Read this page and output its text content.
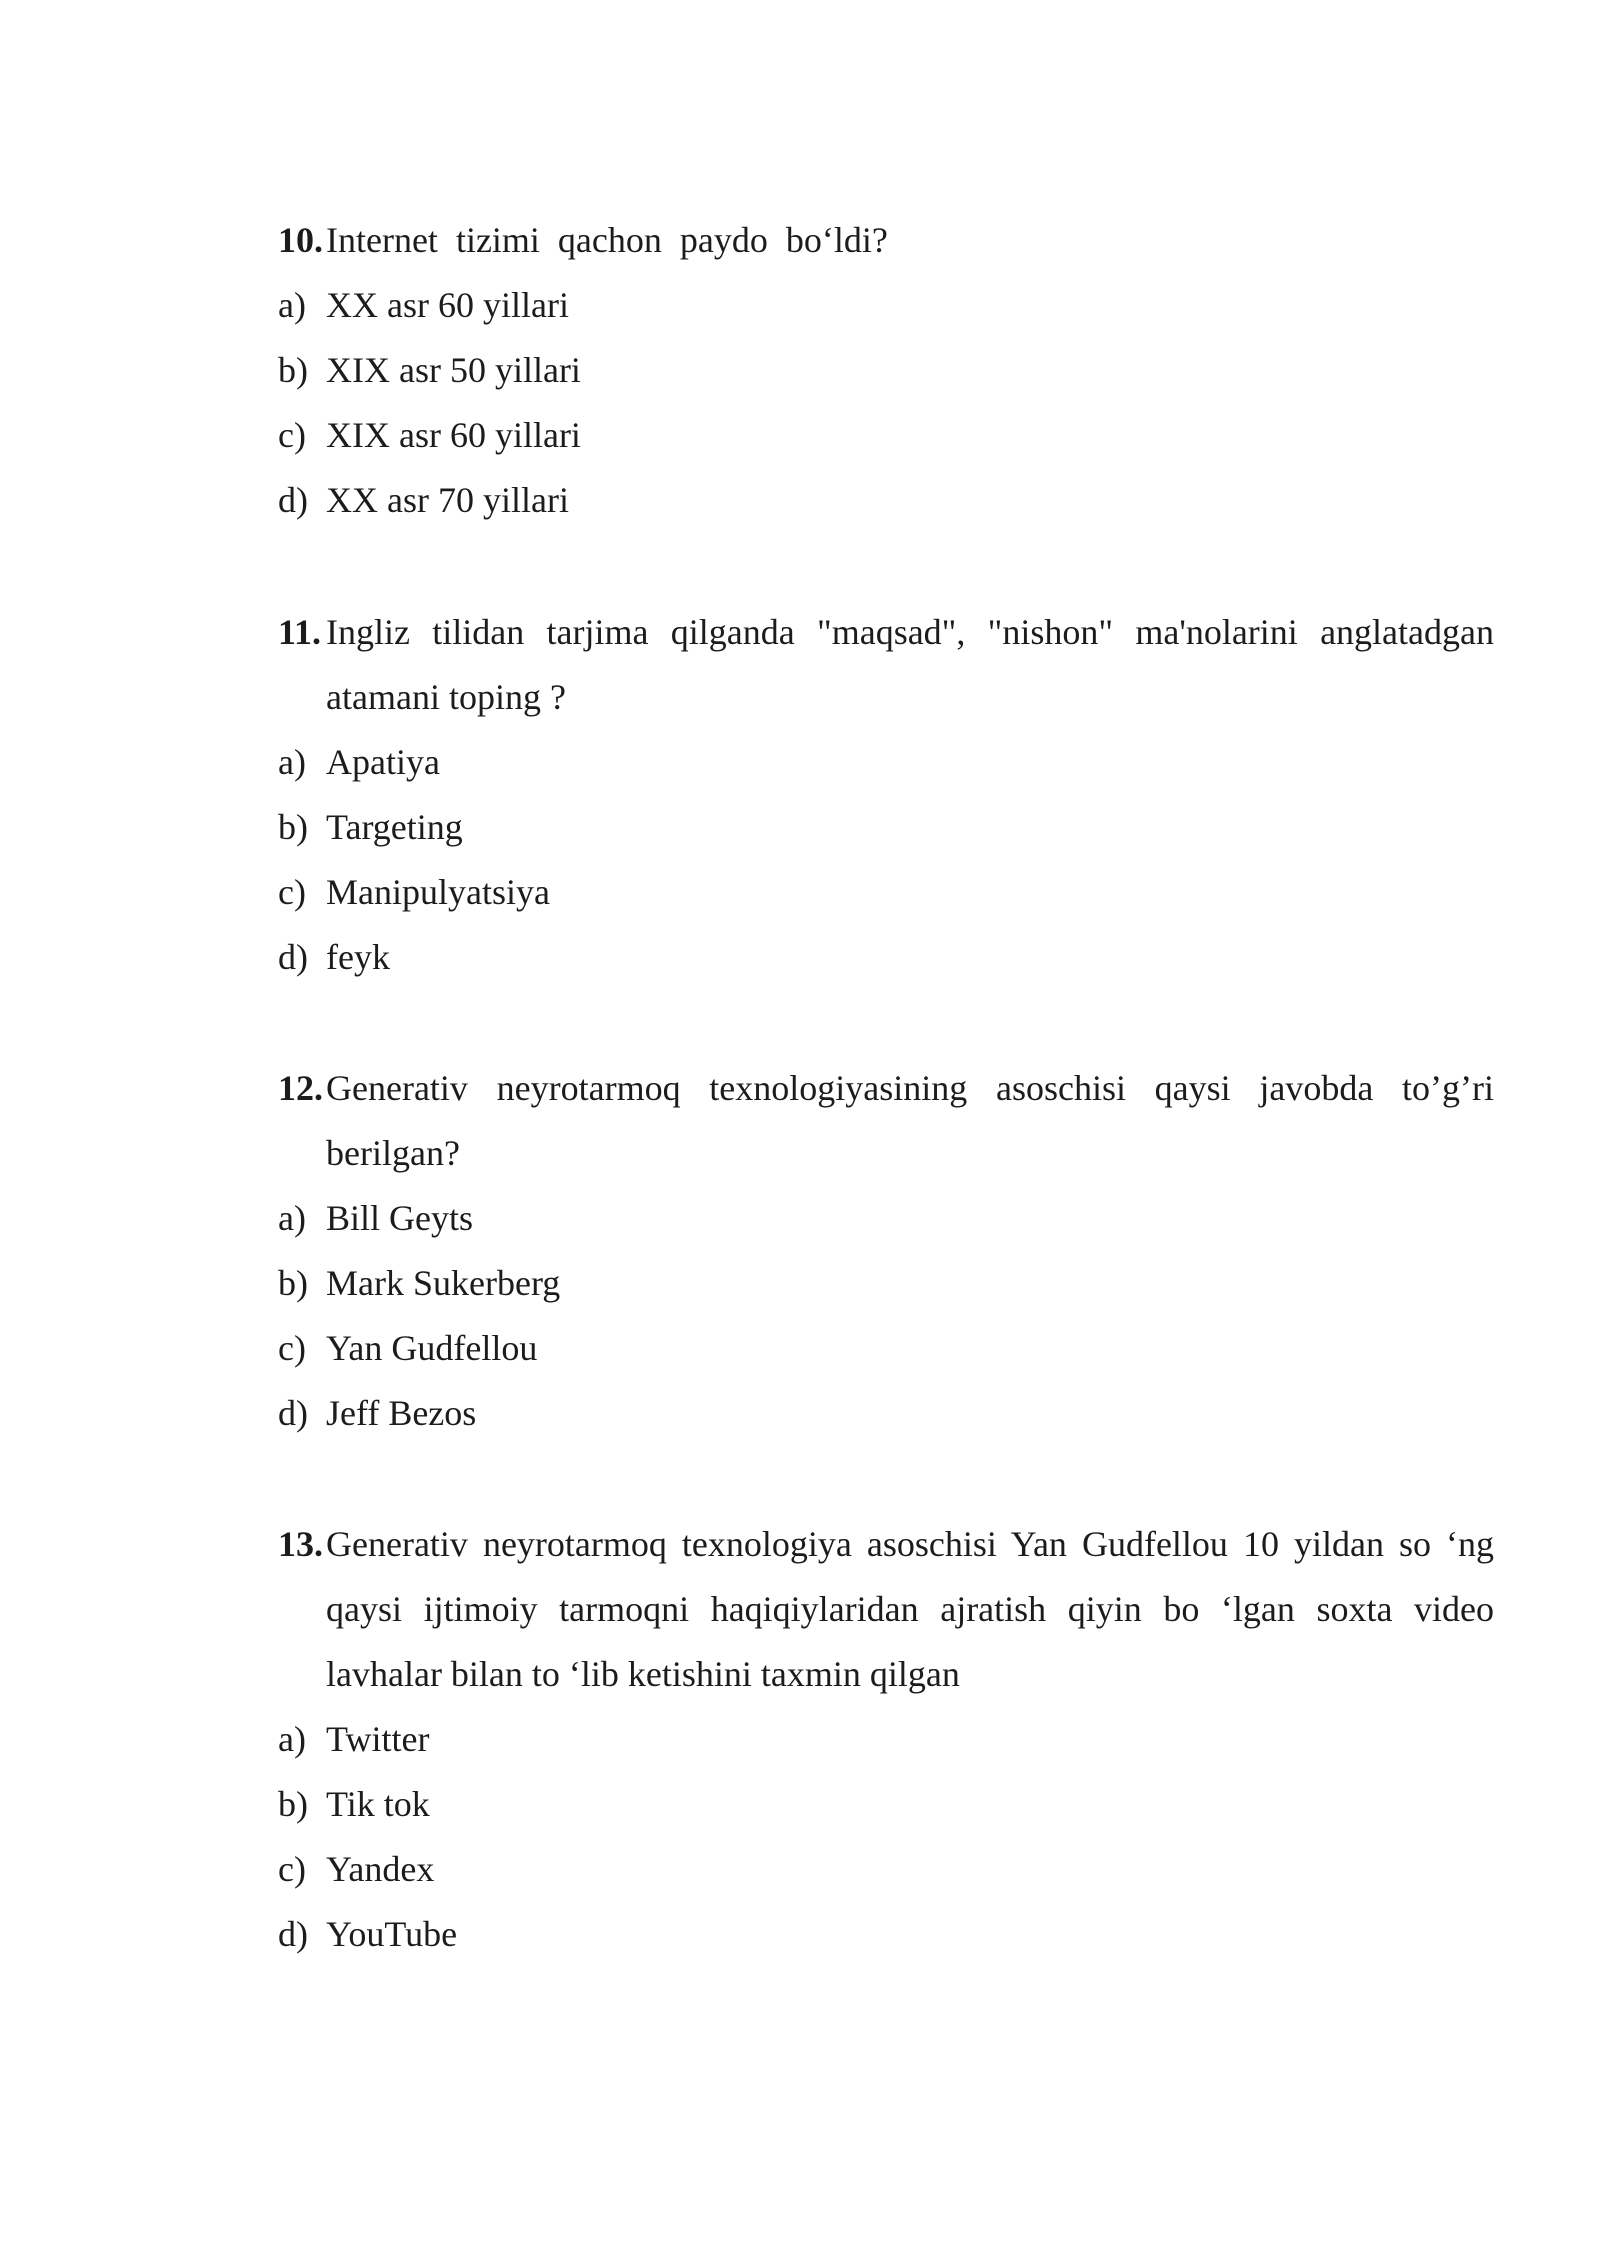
10. Internet  tizimi  qachon  paydo  bo‘ldi?
a) XX asr 60 yillari
b) XIX asr 50 yillari
c) XIX asr 60 yillari
d) XX asr 70 yillari
11. Ingliz tilidan tarjima qilganda "maqsad", "nishon" ma'nolarini anglatadgan atamani toping ?
a) Apatiya
b) Targeting
c) Manipulyatsiya
d) feyk
12. Generativ neyrotarmoq texnologiyasining asoschisi qaysi javobda to’g’ri berilgan?
a) Bill Geyts
b) Mark Sukerberg
c) Yan Gudfellou
d) Jeff Bezos
13. Generativ neyrotarmoq texnologiya asoschisi Yan Gudfellou 10 yildan so ‘ng qaysi ijtimoiy tarmoqni haqiqiylaridan ajratish qiyin bo ‘lgan soxta video lavhalar bilan to ‘lib ketishini taxmin qilgan
a) Twitter
b) Tik tok
c) Yandex
d) YouTube
